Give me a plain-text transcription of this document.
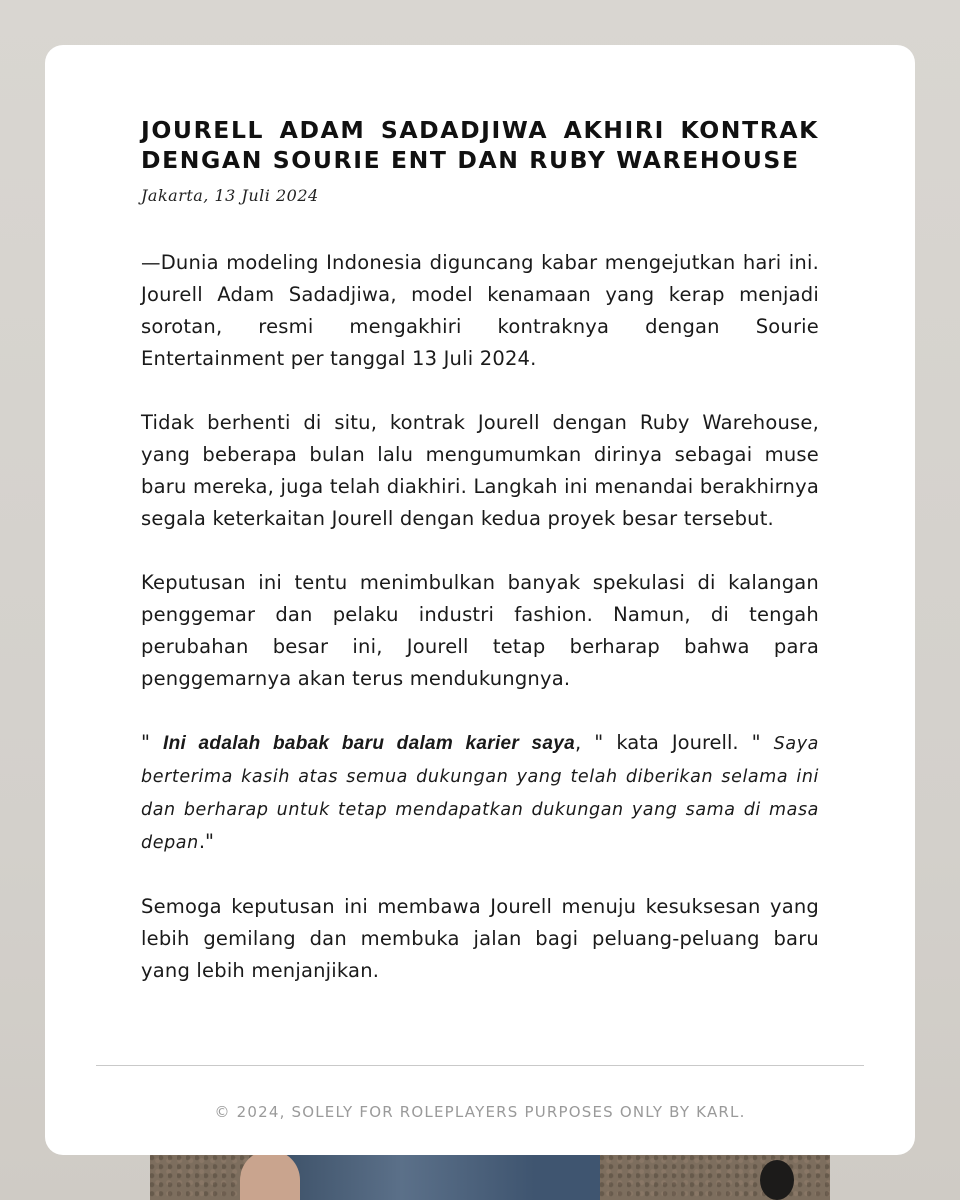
JOURELL ADAM SADADJIWA AKHIRI KONTRAK DENGAN SOURIE ENT DAN RUBY WAREHOUSE

Jakarta, 13 Juli 2024

—Dunia modeling Indonesia diguncang kabar mengejutkan hari ini. Jourell Adam Sadadjiwa, model kenamaan yang kerap menjadi sorotan, resmi mengakhiri kontraknya dengan Sourie Entertainment per tanggal 13 Juli 2024.

Tidak berhenti di situ, kontrak Jourell dengan Ruby Warehouse, yang beberapa bulan lalu mengumumkan dirinya sebagai muse baru mereka, juga telah diakhiri. Langkah ini menandai berakhirnya segala keterkaitan Jourell dengan kedua proyek besar tersebut.

Keputusan ini tentu menimbulkan banyak spekulasi di kalangan penggemar dan pelaku industri fashion. Namun, di tengah perubahan besar ini, Jourell tetap berharap bahwa para penggemarnya akan terus mendukungnya.

" Ini adalah babak baru dalam karier saya, " kata Jourell. " Saya berterima kasih atas semua dukungan yang telah diberikan selama ini dan berharap untuk tetap mendapatkan dukungan yang sama di masa depan."

Semoga keputusan ini membawa Jourell menuju kesuksesan yang lebih gemilang dan membuka jalan bagi peluang-peluang baru yang lebih menjanjikan.

© 2024, SOLELY FOR ROLEPLAYERS PURPOSES ONLY BY KARL.
